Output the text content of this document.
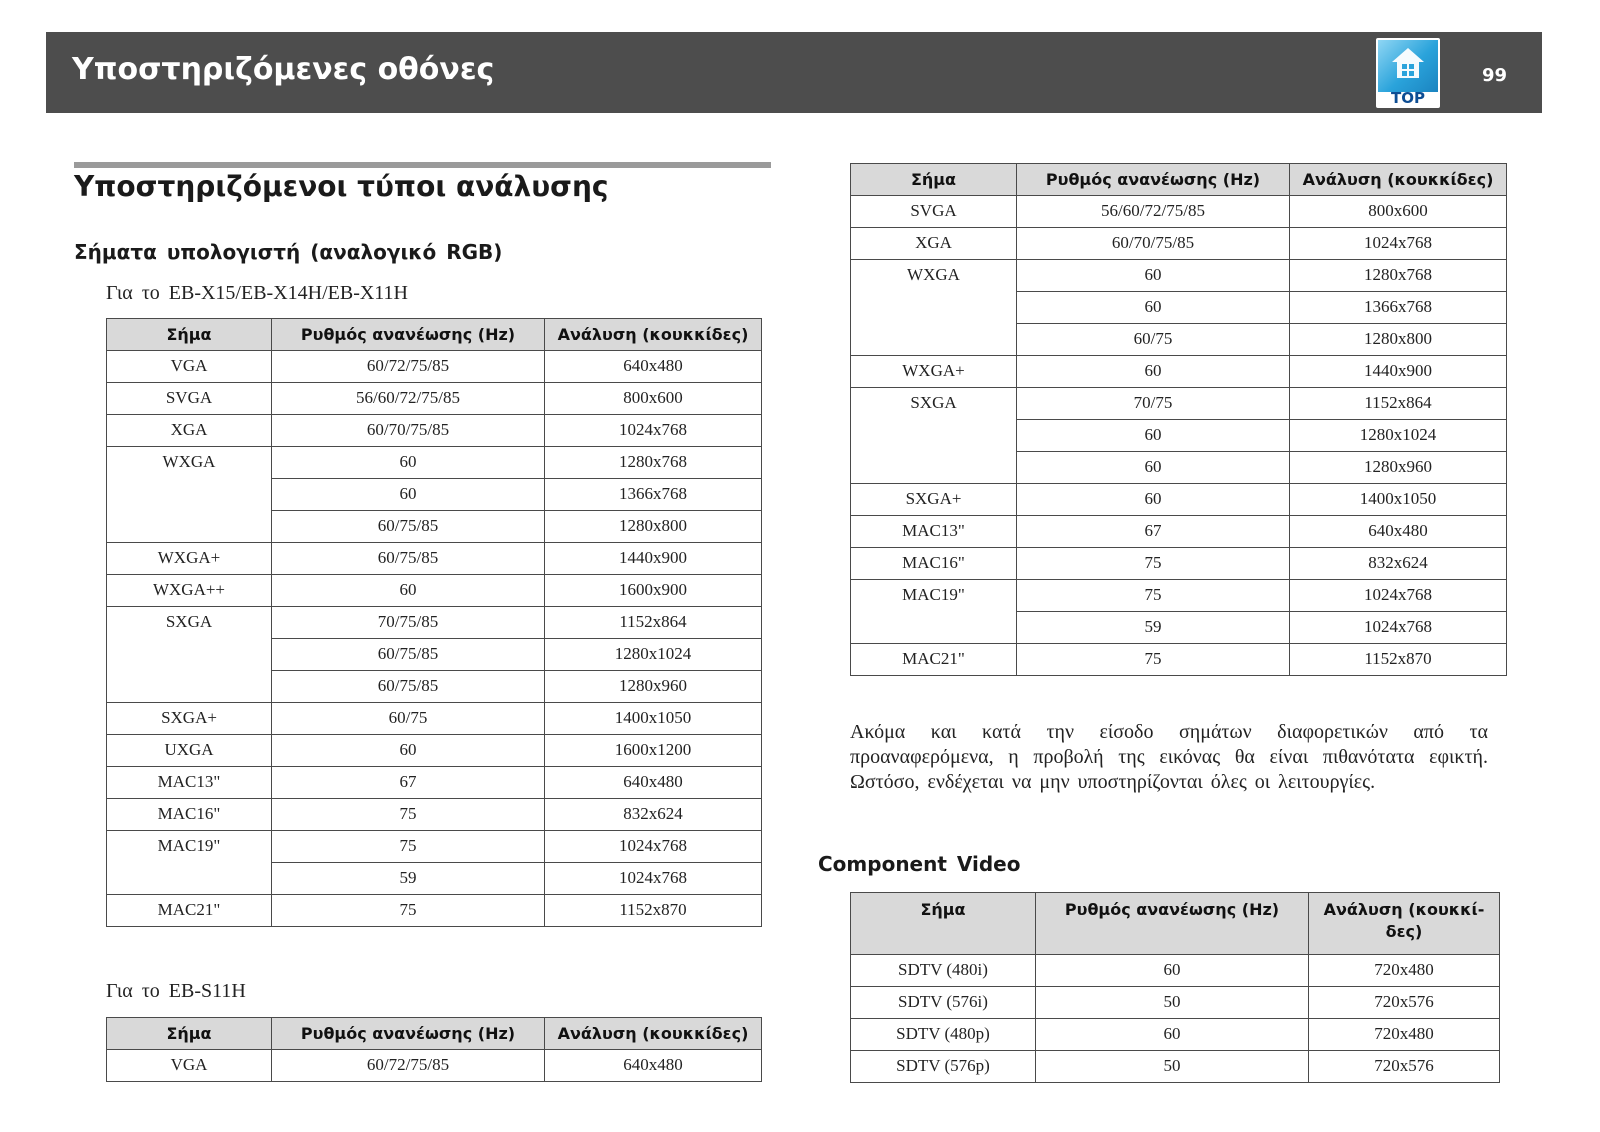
Υποστηριζόμενες οθόνες
TOP
99
Υποστηριζόμενοι τύποι ανάλυσης
Σήματα υπολογιστή (αναλογικό RGB)
Για το EB-X15/EB-X14H/EB-X11H
Σήμα	Ρυθμός ανανέωσης (Hz)	Ανάλυση (κουκκίδες)
VGA	60/72/75/85	640x480
SVGA	56/60/72/75/85	800x600
XGA	60/70/75/85	1024x768
WXGA	60	1280x768
	60	1366x768
	60/75/85	1280x800
WXGA+	60/75/85	1440x900
WXGA++	60	1600x900
SXGA	70/75/85	1152x864
	60/75/85	1280x1024
	60/75/85	1280x960
SXGA+	60/75	1400x1050
UXGA	60	1600x1200
MAC13"	67	640x480
MAC16"	75	832x624
MAC19"	75	1024x768
	59	1024x768
MAC21"	75	1152x870
Για το EB-S11H
Σήμα	Ρυθμός ανανέωσης (Hz)	Ανάλυση (κουκκίδες)
VGA	60/72/75/85	640x480
Σήμα	Ρυθμός ανανέωσης (Hz)	Ανάλυση (κουκκίδες)
SVGA	56/60/72/75/85	800x600
XGA	60/70/75/85	1024x768
WXGA	60	1280x768
	60	1366x768
	60/75	1280x800
WXGA+	60	1440x900
SXGA	70/75	1152x864
	60	1280x1024
	60	1280x960
SXGA+	60	1400x1050
MAC13"	67	640x480
MAC16"	75	832x624
MAC19"	75	1024x768
	59	1024x768
MAC21"	75	1152x870
Ακόμα και κατά την είσοδο σημάτων διαφορετικών από τα προαναφερόμενα, η προβολή της εικόνας θα είναι πιθανότατα εφικτή. Ωστόσο, ενδέχεται να μην υποστηρίζονται όλες οι λειτουργίες.
Component Video
Σήμα	Ρυθμός ανανέωσης (Hz)	Ανάλυση (κουκκί-δες)
SDTV (480i)	60	720x480
SDTV (576i)	50	720x576
SDTV (480p)	60	720x480
SDTV (576p)	50	720x576
